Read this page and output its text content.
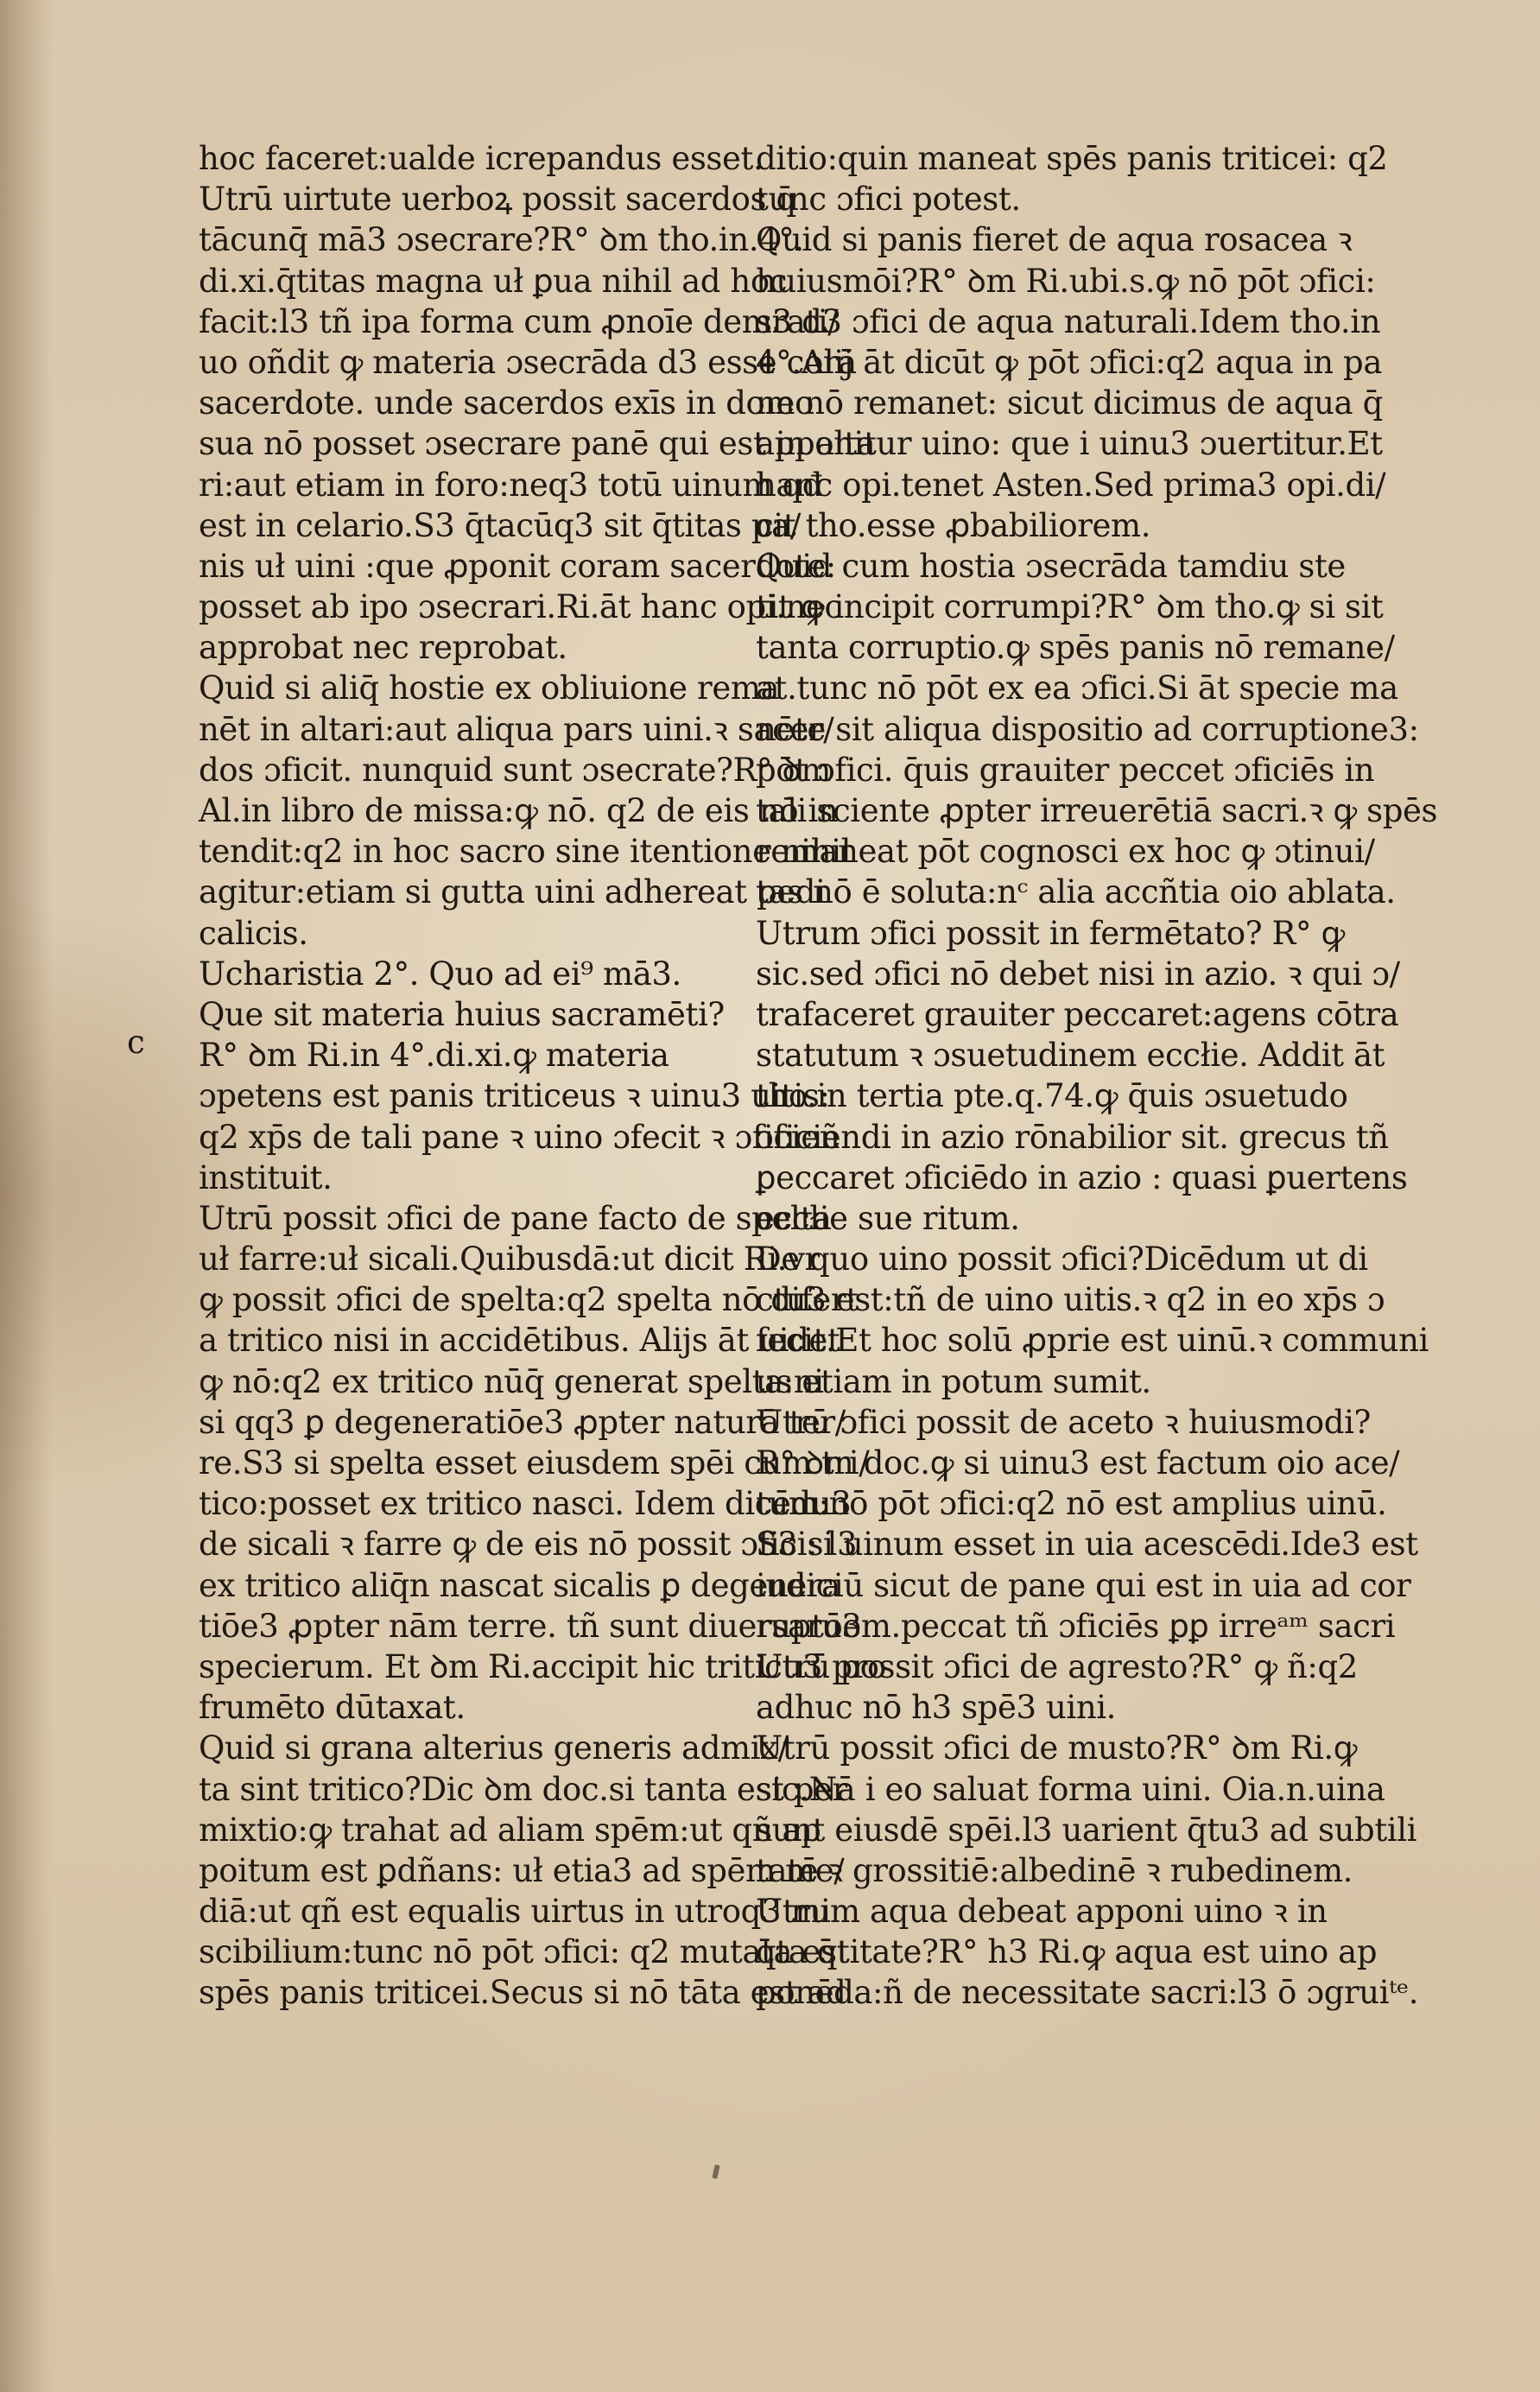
hoc faceret:ualde icrepandus esset.
Utrū uirtute uerboꝝ possit sacerdos q̄
tācunq̄ mā3 ɔsecrare?R° ꝺm tho.in.4°.
di.xi.q̄titas magna uł ꝑua nihil ad hoc
facit:l3 tñ ipa forma cum ꝓnoīe demrati/
uo oñdit ꝙ materia ɔsecrāda d3 esse corā
sacerdote. unde sacerdos exīs in domo
sua nō posset ɔsecrare panē qui est in alta
ri:aut etiam in foro:neq3 totū uinum qđ
est in celario.S3 q̄tacūq3 sit q̄titas pa/
nis uł uini :que ꝓponit coram sacerdote:
posset ab ipo ɔsecrari.Ri.āt hanc opi.nec
approbat nec reprobat.
Quid si aliq̄ hostie ex obliuione rema
nēt in altari:aut aliqua pars uini.ꝛ sacer/
dos ɔficit. nunquid sunt ɔsecrate?R° ꝺm
Al.in libro de missa:ꝙ nō. q2 de eis nō in
tendit:q2 in hoc sacro sine itentione nihil
agitur:etiam si gutta uini adhereat pedi
calicis.
Ucharistia 2°. Quo ad ei⁹ mā3.
Que sit materia huius sacramēti?
R° ꝺm Ri.in 4°.di.xi.ꝙ materia
ɔpetens est panis triticeus ꝛ uinu3 uitis:
q2 xp̄s de tali pane ꝛ uino ɔfecit ꝛ ɔficieñ
instituit.
Utrū possit ɔfici de pane facto de spelta
uł farre:uł sicali.Quibusdā:ut dicit Ri.vr
ꝙ possit ɔfici de spelta:q2 spelta nō difert
a tritico nisi in accidētibus. Alijs āt uidet
ꝙ nō:q2 ex tritico nūq̄ generat spelta:ni
si qq3 ꝑ degeneratiōe3 ꝓpter naturā ter/
re.S3 si spelta esset eiusdem spēi cum tri/
tico:posset ex tritico nasci. Idem dicēdu3
de sicali ꝛ farre ꝙ de eis nō possit ɔfici: l3
ex tritico aliq̄n nascat sicalis ꝑ degenera
tiōe3 ꝓpter nām terre. tñ sunt diuersaru3
specierum. Et ꝺm Ri.accipit hic triticu3 pro
frumēto dūtaxat.
Quid si grana alterius generis admix/
ta sint tritico?Dic ꝺm doc.si tanta est per
mixtio:ꝙ trahat ad aliam spēm:ut qñ ap
poitum est ꝑdñans: uł etia3 ad spēm me/
diā:ut qñ est equalis uirtus in utroq3 mi
scibilium:tunc nō pōt ɔfici: q2 mutata est
spēs panis triticei.Secus si nō tāta est ad
ditio:quin maneat spēs panis triticei: q2
tunc ɔfici potest.
Quid si panis fieret de aqua rosacea ꝛ
huiusmōi?R° ꝺm Ri.ubi.s.ꝙ nō pōt ɔfici:
s3 d3 ɔfici de aqua naturali.Idem tho.in
4°.Alij āt dicūt ꝙ pōt ɔfici:q2 aqua in pa
ne nō remanet: sicut dicimus de aqua q̄
apponitur uino: que i uinu3 ɔuertitur.Et
hanc opi.tenet Asten.Sed prima3 opi.di/
cit tho.esse ꝓbabiliorem.
Quid cum hostia ɔsecrāda tamdiu ste
tit ꝙ incipit corrumpi?R° ꝺm tho.ꝙ si sit
tanta corruptio.ꝙ spēs panis nō remane/
at.tunc nō pōt ex ea ɔfici.Si āt specie ma
nēte sit aliqua dispositio ad corruptione3:
pōt ɔfici. q̄uis grauiter peccet ɔficiēs in
tali sciente ꝓpter irreuerētiā sacri.ꝛ ꝙ spēs
remaneat pōt cognosci ex hoc ꝙ ɔtinui/
tas nō ē soluta:nᶜ alia accñtia oio ablata.
Utrum ɔfici possit in fermētato? R° ꝙ
sic.sed ɔfici nō debet nisi in azio. ꝛ qui ɔ/
trafaceret grauiter peccaret:agens cōtra
statutum ꝛ ɔsuetudinem eccłie. Addit āt
tho.in tertia pte.q.74.ꝙ q̄uis ɔsuetudo
ɔficiendi in azio rōnabilior sit. grecus tñ
ꝑeccaret ɔficiēdo in azio : quasi ꝑuertens
eccłie sue ritum.
De quo uino possit ɔfici?Dicēdum ut di
ctu3 est:tñ de uino uitis.ꝛ q2 in eo xp̄s ɔ
fecit.Et hoc solū ꝓprie est uinū.ꝛ communi
us etiam in potum sumit.
Utrū ɔfici possit de aceto ꝛ huiusmodi?
R° ꝺm doc.ꝙ si uinu3 est factum oio ace/
tum:nō pōt ɔfici:q2 nō est amplius uinū.
S3 si uinum esset in uia acescēdi.Ide3 est
iudiciū sicut de pane qui est in uia ad cor
ruptōem.peccat tñ ɔficiēs ꝑꝑ irreᵃᵐ sacri
Utrū possit ɔfici de agresto?R° ꝙ ñ:q2
adhuc nō h3 spē3 uini.
Utrū possit ɔfici de musto?R° ꝺm Ri.ꝙ
sic.Nā i eo saluat forma uini. Oia.n.uina
sunt eiusdē spēi.l3 uarient q̄tu3 ad subtili
tatē ꝛ grossitiē:albedinē ꝛ rubedinem.
Utrum aqua debeat apponi uino ꝛ in
q̄ta q̄titate?R° h3 Ri.ꝙ aqua est uino ap
ponēda:ñ de necessitate sacri:l3 ō ɔgruiᵗᵉ.
c
